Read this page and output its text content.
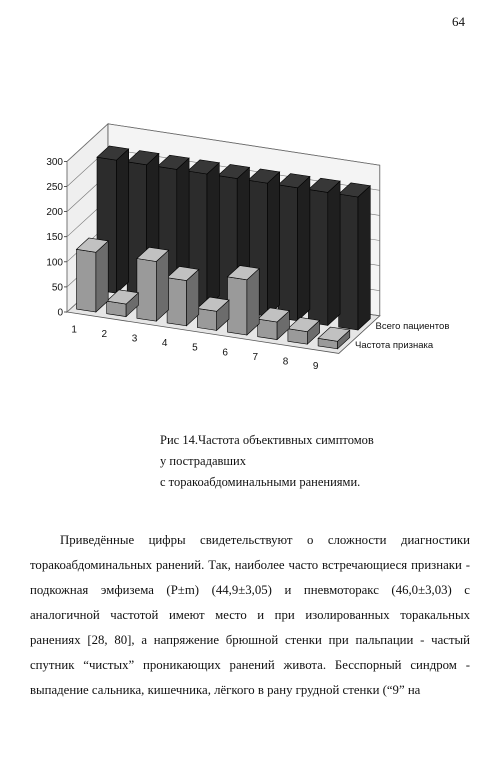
64
0
50
100
150
200
250
300
1 2 3 4 5 6 7 8 9
Всего пациентов
Частота признака
Рис 14.Частота объективных симптомов
у пострадавших
с торакоабдоминальными ранениями.

Приведённые цифры свидетельствуют о сложности диагностики торакоабдоминальных ранений. Так, наиболее часто встречающиеся признаки - подкожная эмфизема (P±m) (44,9±3,05) и пневмоторакс (46,0±3,03) с аналогичной частотой имеют место и при изолированных торакальных ранениях [28, 80], а напряжение брюшной стенки при пальпации - частый спутник “чистых” проникающих ранений живота. Бесспорный синдром - выпадение сальника, кишечника, лёгкого в рану грудной стенки (“9” на
